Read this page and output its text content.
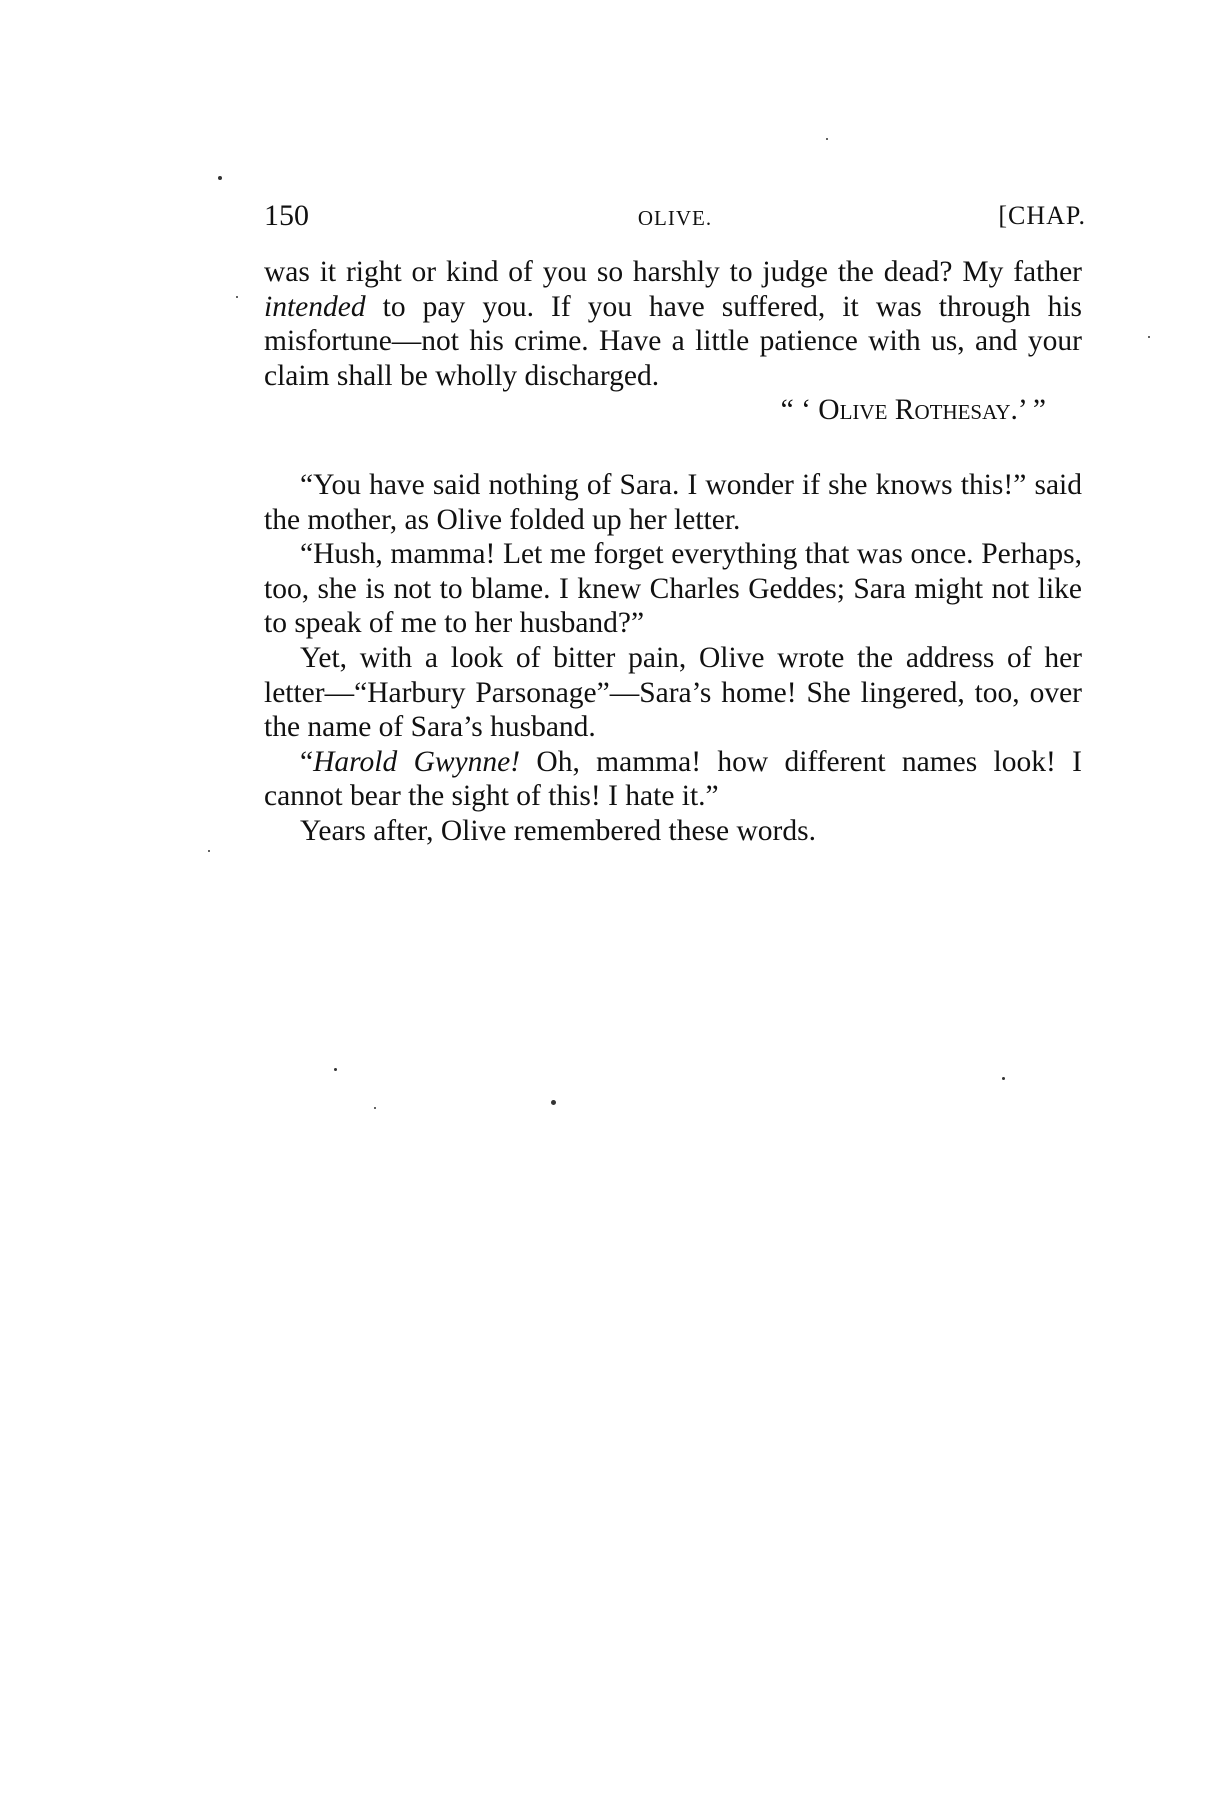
150	OLIVE.	[CHAP.

was it right or kind of you so harshly to judge the dead? My father intended to pay you. If you have suffered, it was through his misfortune—not his crime. Have a little patience with us, and your claim shall be wholly discharged.

“ ‘ Olive Rothesay.’ ”

“You have said nothing of Sara. I wonder if she knows this!” said the mother, as Olive folded up her letter.

“Hush, mamma! Let me forget everything that was once. Perhaps, too, she is not to blame. I knew Charles Geddes; Sara might not like to speak of me to her husband?”

Yet, with a look of bitter pain, Olive wrote the address of her letter—“Harbury Parsonage”—Sara’s home! She lingered, too, over the name of Sara’s husband.

“Harold Gwynne! Oh, mamma! how different names look! I cannot bear the sight of this! I hate it.”

Years after, Olive remembered these words.
